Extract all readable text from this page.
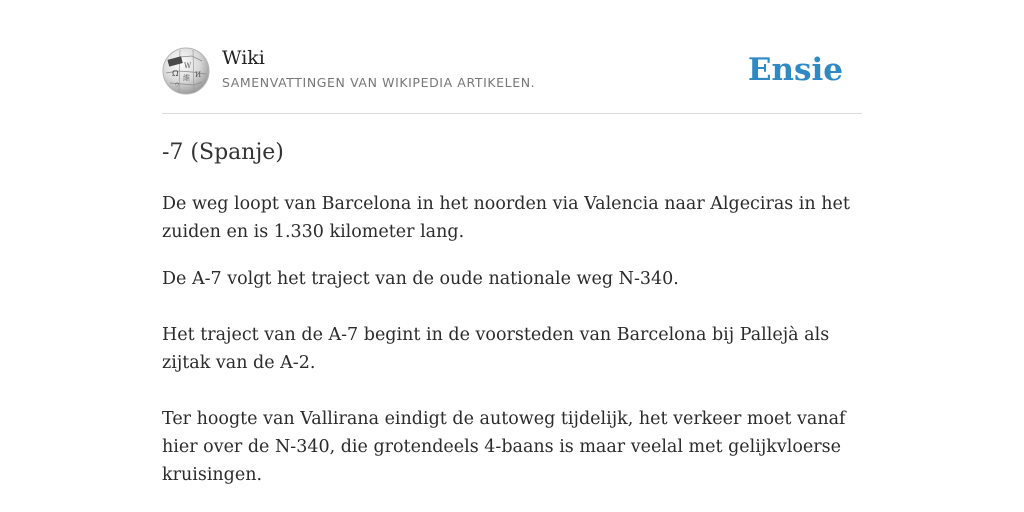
Ω
W
И
維
ウ
Wiki
SAMENVATTINGEN VAN WIKIPEDIA ARTIKELEN.	Ensie
-7 (Spanje)

De weg loopt van Barcelona in het noorden via Valencia naar Algeciras in het zuiden en is 1.330 kilometer lang.

De A-7 volgt het traject van de oude nationale weg N-340.

Het traject van de A-7 begint in de voorsteden van Barcelona bij Pallejà als zijtak van de A-2.

Ter hoogte van Vallirana eindigt de autoweg tijdelijk, het verkeer moet vanaf hier over de N-340, die grotendeels 4-baans is maar veelal met gelijkvloerse kruisingen.
